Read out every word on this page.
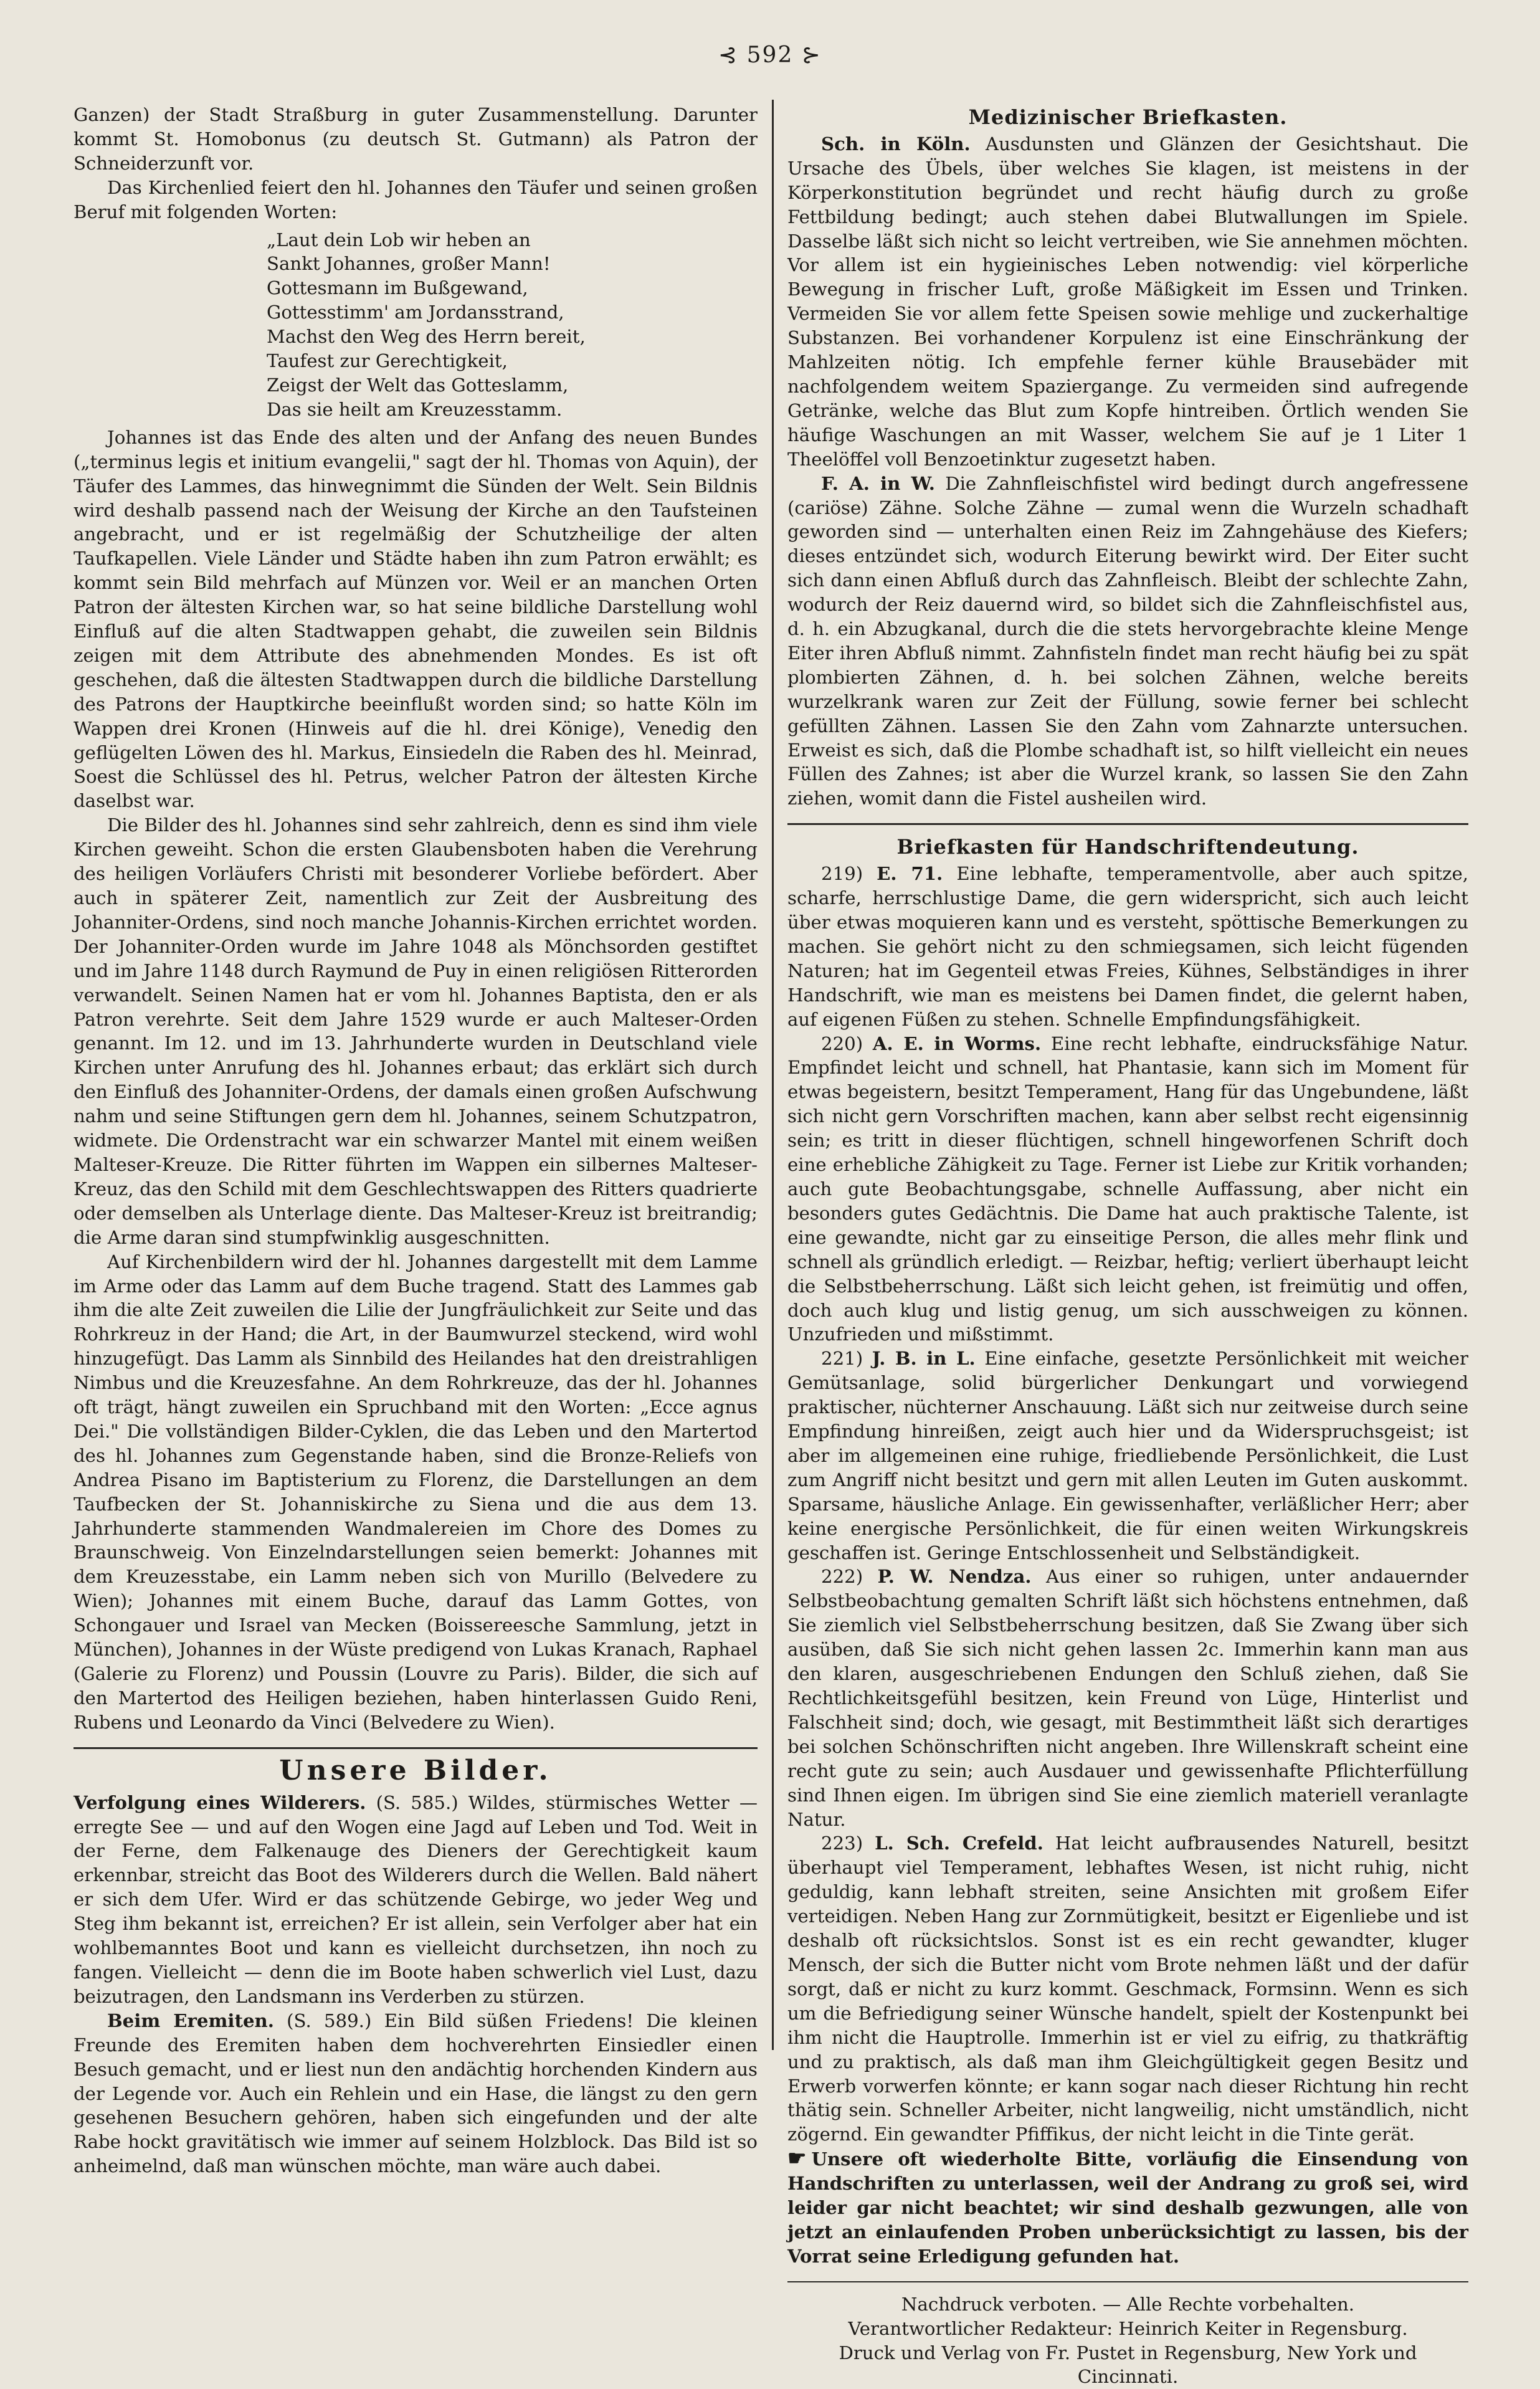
⊰ 592 ⊱

Ganzen) der Stadt Straßburg in guter Zusammenstellung. Darunter kommt St. Homobonus (zu deutsch St. Gutmann) als Patron der Schneiderzunft vor.

Das Kirchenlied feiert den hl. Johannes den Täufer und seinen großen Beruf mit folgenden Worten:

„Laut dein Lob wir heben an
Sankt Johannes, großer Mann!
Gottesmann im Bußgewand,
Gottesstimm' am Jordansstrand,
Machst den Weg des Herrn bereit,
Taufest zur Gerechtigkeit,
Zeigst der Welt das Gotteslamm,
Das sie heilt am Kreuzesstamm.

Johannes ist das Ende des alten und der Anfang des neuen Bundes („terminus legis et initium evangelii," sagt der hl. Thomas von Aquin), der Täufer des Lammes, das hinwegnimmt die Sünden der Welt. Sein Bildnis wird deshalb passend nach der Weisung der Kirche an den Taufsteinen angebracht, und er ist regelmäßig der Schutzheilige der alten Taufkapellen. Viele Länder und Städte haben ihn zum Patron erwählt; es kommt sein Bild mehrfach auf Münzen vor. Weil er an manchen Orten Patron der ältesten Kirchen war, so hat seine bildliche Darstellung wohl Einfluß auf die alten Stadtwappen gehabt, die zuweilen sein Bildnis zeigen mit dem Attribute des abnehmenden Mondes. Es ist oft geschehen, daß die ältesten Stadtwappen durch die bildliche Darstellung des Patrons der Hauptkirche beeinflußt worden sind; so hatte Köln im Wappen drei Kronen (Hinweis auf die hl. drei Könige), Venedig den geflügelten Löwen des hl. Markus, Einsiedeln die Raben des hl. Meinrad, Soest die Schlüssel des hl. Petrus, welcher Patron der ältesten Kirche daselbst war.

Die Bilder des hl. Johannes sind sehr zahlreich, denn es sind ihm viele Kirchen geweiht. Schon die ersten Glaubensboten haben die Verehrung des heiligen Vorläufers Christi mit besonderer Vorliebe befördert. Aber auch in späterer Zeit, namentlich zur Zeit der Ausbreitung des Johanniter-Ordens, sind noch manche Johannis-Kirchen errichtet worden. Der Johanniter-Orden wurde im Jahre 1048 als Mönchsorden gestiftet und im Jahre 1148 durch Raymund de Puy in einen religiösen Ritterorden verwandelt. Seinen Namen hat er vom hl. Johannes Baptista, den er als Patron verehrte. Seit dem Jahre 1529 wurde er auch Malteser-Orden genannt. Im 12. und im 13. Jahrhunderte wurden in Deutschland viele Kirchen unter Anrufung des hl. Johannes erbaut; das erklärt sich durch den Einfluß des Johanniter-Ordens, der damals einen großen Aufschwung nahm und seine Stiftungen gern dem hl. Johannes, seinem Schutzpatron, widmete. Die Ordenstracht war ein schwarzer Mantel mit einem weißen Malteser-Kreuze. Die Ritter führten im Wappen ein silbernes Malteser-Kreuz, das den Schild mit dem Geschlechtswappen des Ritters quadrierte oder demselben als Unterlage diente. Das Malteser-Kreuz ist breitrandig; die Arme daran sind stumpfwinklig ausgeschnitten.

Auf Kirchenbildern wird der hl. Johannes dargestellt mit dem Lamme im Arme oder das Lamm auf dem Buche tragend. Statt des Lammes gab ihm die alte Zeit zuweilen die Lilie der Jungfräulichkeit zur Seite und das Rohrkreuz in der Hand; die Art, in der Baumwurzel steckend, wird wohl hinzugefügt. Das Lamm als Sinnbild des Heilandes hat den dreistrahligen Nimbus und die Kreuzesfahne. An dem Rohrkreuze, das der hl. Johannes oft trägt, hängt zuweilen ein Spruchband mit den Worten: „Ecce agnus Dei." Die vollständigen Bilder-Cyklen, die das Leben und den Martertod des hl. Johannes zum Gegenstande haben, sind die Bronze-Reliefs von Andrea Pisano im Baptisterium zu Florenz, die Darstellungen an dem Taufbecken der St. Johanniskirche zu Siena und die aus dem 13. Jahrhunderte stammenden Wandmalereien im Chore des Domes zu Braunschweig. Von Einzelndarstellungen seien bemerkt: Johannes mit dem Kreuzesstabe, ein Lamm neben sich von Murillo (Belvedere zu Wien); Johannes mit einem Buche, darauf das Lamm Gottes, von Schongauer und Israel van Mecken (Boissereesche Sammlung, jetzt in München), Johannes in der Wüste predigend von Lukas Kranach, Raphael (Galerie zu Florenz) und Poussin (Louvre zu Paris). Bilder, die sich auf den Martertod des Heiligen beziehen, haben hinterlassen Guido Reni, Rubens und Leonardo da Vinci (Belvedere zu Wien).

Unsere Bilder.

Verfolgung eines Wilderers. (S. 585.) Wildes, stürmisches Wetter — erregte See — und auf den Wogen eine Jagd auf Leben und Tod. Weit in der Ferne, dem Falkenauge des Dieners der Gerechtigkeit kaum erkennbar, streicht das Boot des Wilderers durch die Wellen. Bald nähert er sich dem Ufer. Wird er das schützende Gebirge, wo jeder Weg und Steg ihm bekannt ist, erreichen? Er ist allein, sein Verfolger aber hat ein wohlbemanntes Boot und kann es vielleicht durchsetzen, ihn noch zu fangen. Vielleicht — denn die im Boote haben schwerlich viel Lust, dazu beizutragen, den Landsmann ins Verderben zu stürzen.

Beim Eremiten. (S. 589.) Ein Bild süßen Friedens! Die kleinen Freunde des Eremiten haben dem hochverehrten Einsiedler einen Besuch gemacht, und er liest nun den andächtig horchenden Kindern aus der Legende vor. Auch ein Rehlein und ein Hase, die längst zu den gern gesehenen Besuchern gehören, haben sich eingefunden und der alte Rabe hockt gravitätisch wie immer auf seinem Holzblock. Das Bild ist so anheimelnd, daß man wünschen möchte, man wäre auch dabei.

Medizinischer Briefkasten.

Sch. in Köln. Ausdunsten und Glänzen der Gesichtshaut. Die Ursache des Übels, über welches Sie klagen, ist meistens in der Körperkonstitution begründet und recht häufig durch zu große Fettbildung bedingt; auch stehen dabei Blutwallungen im Spiele. Dasselbe läßt sich nicht so leicht vertreiben, wie Sie annehmen möchten. Vor allem ist ein hygieinisches Leben notwendig: viel körperliche Bewegung in frischer Luft, große Mäßigkeit im Essen und Trinken. Vermeiden Sie vor allem fette Speisen sowie mehlige und zuckerhaltige Substanzen. Bei vorhandener Korpulenz ist eine Einschränkung der Mahlzeiten nötig. Ich empfehle ferner kühle Brausebäder mit nachfolgendem weitem Spaziergange. Zu vermeiden sind aufregende Getränke, welche das Blut zum Kopfe hintreiben. Örtlich wenden Sie häufige Waschungen an mit Wasser, welchem Sie auf je 1 Liter 1 Theelöffel voll Benzoetinktur zugesetzt haben.

F. A. in W. Die Zahnfleischfistel wird bedingt durch angefressene (cariöse) Zähne. Solche Zähne — zumal wenn die Wurzeln schadhaft geworden sind — unterhalten einen Reiz im Zahngehäuse des Kiefers; dieses entzündet sich, wodurch Eiterung bewirkt wird. Der Eiter sucht sich dann einen Abfluß durch das Zahnfleisch. Bleibt der schlechte Zahn, wodurch der Reiz dauernd wird, so bildet sich die Zahnfleischfistel aus, d. h. ein Abzugkanal, durch die die stets hervorgebrachte kleine Menge Eiter ihren Abfluß nimmt. Zahnfisteln findet man recht häufig bei zu spät plombierten Zähnen, d. h. bei solchen Zähnen, welche bereits wurzelkrank waren zur Zeit der Füllung, sowie ferner bei schlecht gefüllten Zähnen. Lassen Sie den Zahn vom Zahnarzte untersuchen. Erweist es sich, daß die Plombe schadhaft ist, so hilft vielleicht ein neues Füllen des Zahnes; ist aber die Wurzel krank, so lassen Sie den Zahn ziehen, womit dann die Fistel ausheilen wird.

Briefkasten für Handschriftendeutung.

219) E. 71. Eine lebhafte, temperamentvolle, aber auch spitze, scharfe, herrschlustige Dame, die gern widerspricht, sich auch leicht über etwas moquieren kann und es versteht, spöttische Bemerkungen zu machen. Sie gehört nicht zu den schmiegsamen, sich leicht fügenden Naturen; hat im Gegenteil etwas Freies, Kühnes, Selbständiges in ihrer Handschrift, wie man es meistens bei Damen findet, die gelernt haben, auf eigenen Füßen zu stehen. Schnelle Empfindungsfähigkeit.

220) A. E. in Worms. Eine recht lebhafte, eindrucksfähige Natur. Empfindet leicht und schnell, hat Phantasie, kann sich im Moment für etwas begeistern, besitzt Temperament, Hang für das Ungebundene, läßt sich nicht gern Vorschriften machen, kann aber selbst recht eigensinnig sein; es tritt in dieser flüchtigen, schnell hingeworfenen Schrift doch eine erhebliche Zähigkeit zu Tage. Ferner ist Liebe zur Kritik vorhanden; auch gute Beobachtungsgabe, schnelle Auffassung, aber nicht ein besonders gutes Gedächtnis. Die Dame hat auch praktische Talente, ist eine gewandte, nicht gar zu einseitige Person, die alles mehr flink und schnell als gründlich erledigt. — Reizbar, heftig; verliert überhaupt leicht die Selbstbeherrschung. Läßt sich leicht gehen, ist freimütig und offen, doch auch klug und listig genug, um sich ausschweigen zu können. Unzufrieden und mißstimmt.

221) J. B. in L. Eine einfache, gesetzte Persönlichkeit mit weicher Gemütsanlage, solid bürgerlicher Denkungart und vorwiegend praktischer, nüchterner Anschauung. Läßt sich nur zeitweise durch seine Empfindung hinreißen, zeigt auch hier und da Widerspruchsgeist; ist aber im allgemeinen eine ruhige, friedliebende Persönlichkeit, die Lust zum Angriff nicht besitzt und gern mit allen Leuten im Guten auskommt. Sparsame, häusliche Anlage. Ein gewissenhafter, verläßlicher Herr; aber keine energische Persönlichkeit, die für einen weiten Wirkungskreis geschaffen ist. Geringe Entschlossenheit und Selbständigkeit.

222) P. W. Nendza. Aus einer so ruhigen, unter andauernder Selbstbeobachtung gemalten Schrift läßt sich höchstens entnehmen, daß Sie ziemlich viel Selbstbeherrschung besitzen, daß Sie Zwang über sich ausüben, daß Sie sich nicht gehen lassen 2c. Immerhin kann man aus den klaren, ausgeschriebenen Endungen den Schluß ziehen, daß Sie Rechtlichkeitsgefühl besitzen, kein Freund von Lüge, Hinterlist und Falschheit sind; doch, wie gesagt, mit Bestimmtheit läßt sich derartiges bei solchen Schönschriften nicht angeben. Ihre Willenskraft scheint eine recht gute zu sein; auch Ausdauer und gewissenhafte Pflichterfüllung sind Ihnen eigen. Im übrigen sind Sie eine ziemlich materiell veranlagte Natur.

223) L. Sch. Crefeld. Hat leicht aufbrausendes Naturell, besitzt überhaupt viel Temperament, lebhaftes Wesen, ist nicht ruhig, nicht geduldig, kann lebhaft streiten, seine Ansichten mit großem Eifer verteidigen. Neben Hang zur Zornmütigkeit, besitzt er Eigenliebe und ist deshalb oft rücksichtslos. Sonst ist es ein recht gewandter, kluger Mensch, der sich die Butter nicht vom Brote nehmen läßt und der dafür sorgt, daß er nicht zu kurz kommt. Geschmack, Formsinn. Wenn es sich um die Befriedigung seiner Wünsche handelt, spielt der Kostenpunkt bei ihm nicht die Hauptrolle. Immerhin ist er viel zu eifrig, zu thatkräftig und zu praktisch, als daß man ihm Gleichgültigkeit gegen Besitz und Erwerb vorwerfen könnte; er kann sogar nach dieser Richtung hin recht thätig sein. Schneller Arbeiter, nicht langweilig, nicht umständlich, nicht zögernd. Ein gewandter Pfiffikus, der nicht leicht in die Tinte gerät.

☛ Unsere oft wiederholte Bitte, vorläufig die Einsendung von Handschriften zu unterlassen, weil der Andrang zu groß sei, wird leider gar nicht beachtet; wir sind deshalb gezwungen, alle von jetzt an einlaufenden Proben unberücksichtigt zu lassen, bis der Vorrat seine Erledigung gefunden hat.

Nachdruck verboten. — Alle Rechte vorbehalten.
Verantwortlicher Redakteur: Heinrich Keiter in Regensburg.
Druck und Verlag von Fr. Pustet in Regensburg, New York und Cincinnati.
